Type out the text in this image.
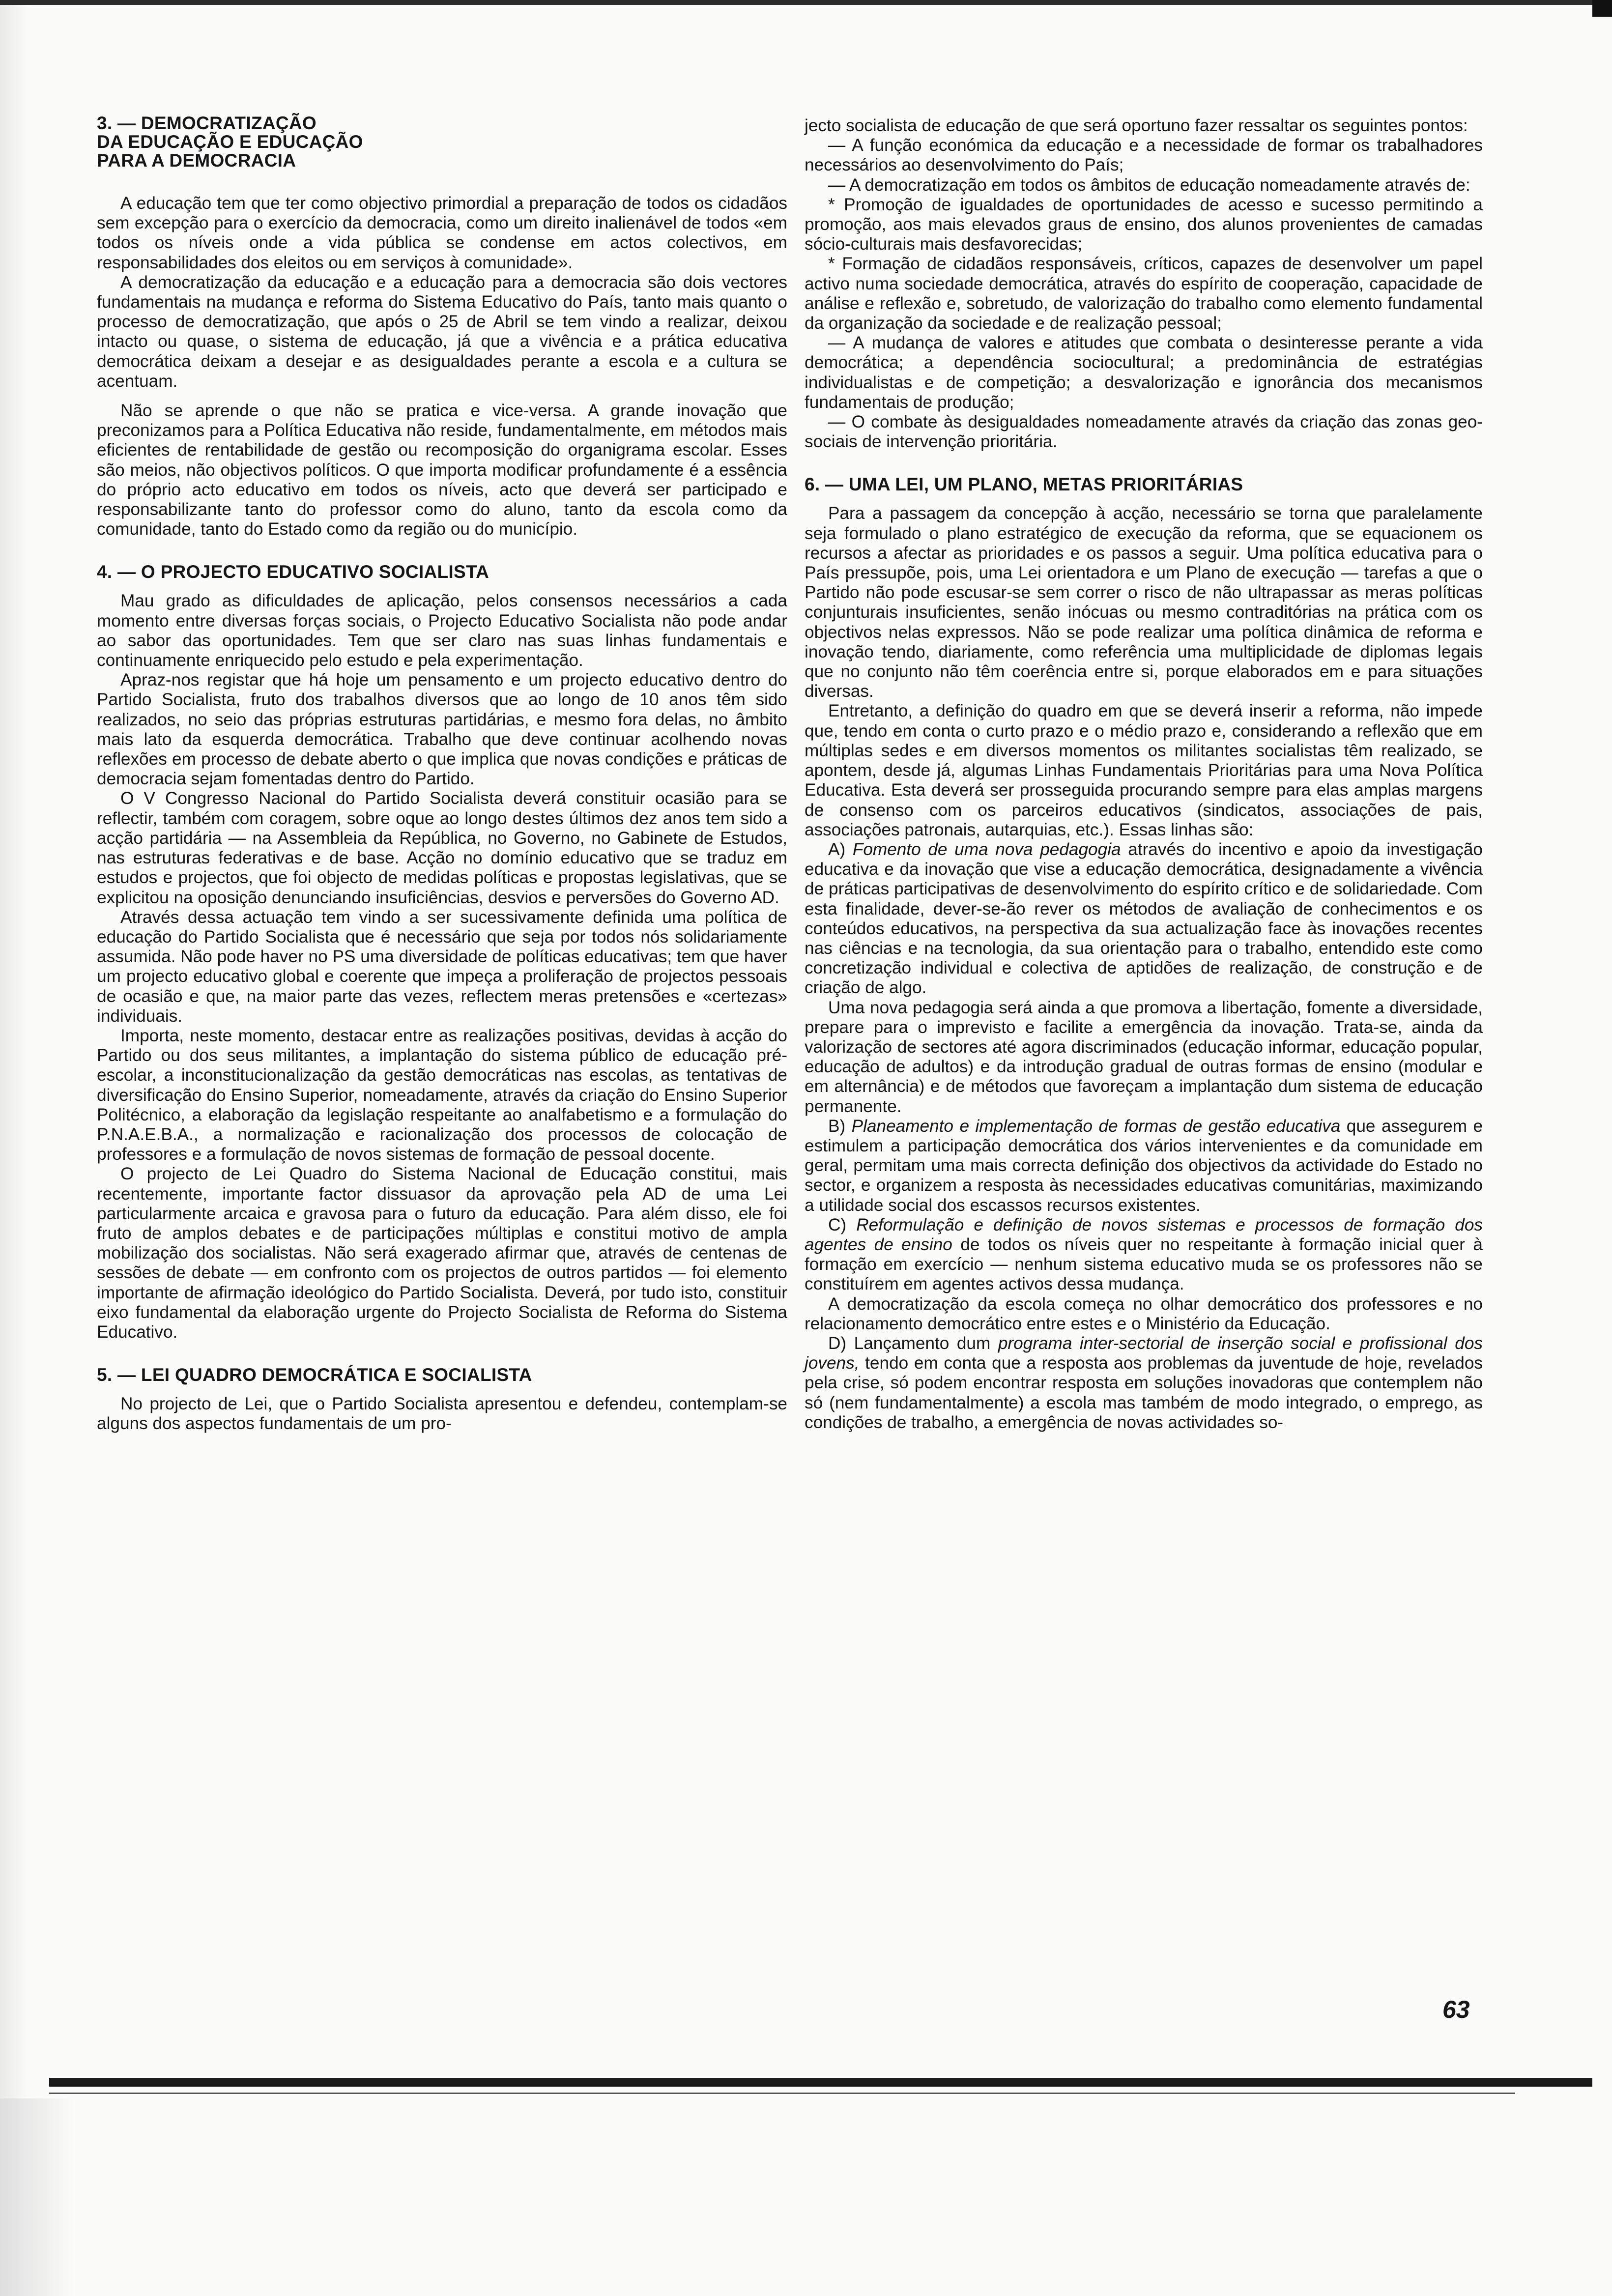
3. — DEMOCRATIZAÇÃO
DA EDUCAÇÃO E EDUCAÇÃO
PARA A DEMOCRACIA

A educação tem que ter como objectivo primordial a preparação de todos os cidadãos sem excepção para o exercício da democracia, como um direito inalienável de todos «em todos os níveis onde a vida pública se condense em actos colectivos, em responsabilidades dos eleitos ou em serviços à comunidade».

A democratização da educação e a educação para a democracia são dois vectores fundamentais na mudança e reforma do Sistema Educativo do País, tanto mais quanto o processo de democratização, que após o 25 de Abril se tem vindo a realizar, deixou intacto ou quase, o sistema de educação, já que a vivência e a prática educativa democrática deixam a desejar e as desigualdades perante a escola e a cultura se acentuam.

Não se aprende o que não se pratica e vice-versa. A grande inovação que preconizamos para a Política Educativa não reside, fundamentalmente, em métodos mais eficientes de rentabilidade de gestão ou recomposição do organigrama escolar. Esses são meios, não objectivos políticos. O que importa modificar profundamente é a essência do próprio acto educativo em todos os níveis, acto que deverá ser participado e responsabilizante tanto do professor como do aluno, tanto da escola como da comunidade, tanto do Estado como da região ou do município.

4. — O PROJECTO EDUCATIVO SOCIALISTA

Mau grado as dificuldades de aplicação, pelos consensos necessários a cada momento entre diversas forças sociais, o Projecto Educativo Socialista não pode andar ao sabor das oportunidades. Tem que ser claro nas suas linhas fundamentais e continuamente enriquecido pelo estudo e pela experimentação.

Apraz-nos registar que há hoje um pensamento e um projecto educativo dentro do Partido Socialista, fruto dos trabalhos diversos que ao longo de 10 anos têm sido realizados, no seio das próprias estruturas partidárias, e mesmo fora delas, no âmbito mais lato da esquerda democrática. Trabalho que deve continuar acolhendo novas reflexões em processo de debate aberto o que implica que novas condições e práticas de democracia sejam fomentadas dentro do Partido.

O V Congresso Nacional do Partido Socialista deverá constituir ocasião para se reflectir, também com coragem, sobre oque ao longo destes últimos dez anos tem sido a acção partidária — na Assembleia da República, no Governo, no Gabinete de Estudos, nas estruturas federativas e de base. Acção no domínio educativo que se traduz em estudos e projectos, que foi objecto de medidas políticas e propostas legislativas, que se explicitou na oposição denunciando insuficiências, desvios e perversões do Governo AD.

Através dessa actuação tem vindo a ser sucessivamente definida uma política de educação do Partido Socialista que é necessário que seja por todos nós solidariamente assumida. Não pode haver no PS uma diversidade de políticas educativas; tem que haver um projecto educativo global e coerente que impeça a proliferação de projectos pessoais de ocasião e que, na maior parte das vezes, reflectem meras pretensões e «certezas» individuais.

Importa, neste momento, destacar entre as realizações positivas, devidas à acção do Partido ou dos seus militantes, a implantação do sistema público de educação pré-escolar, a inconstitucionalização da gestão democráticas nas escolas, as tentativas de diversificação do Ensino Superior, nomeadamente, através da criação do Ensino Superior Politécnico, a elaboração da legislação respeitante ao analfabetismo e a formulação do P.N.A.E.B.A., a normalização e racionalização dos processos de colocação de professores e a formulação de novos sistemas de formação de pessoal docente.

O projecto de Lei Quadro do Sistema Nacional de Educação constitui, mais recentemente, importante factor dissuasor da aprovação pela AD de uma Lei particularmente arcaica e gravosa para o futuro da educação. Para além disso, ele foi fruto de amplos debates e de participações múltiplas e constitui motivo de ampla mobilização dos socialistas. Não será exagerado afirmar que, através de centenas de sessões de debate — em confronto com os projectos de outros partidos — foi elemento importante de afirmação ideológico do Partido Socialista. Deverá, por tudo isto, constituir eixo fundamental da elaboração urgente do Projecto Socialista de Reforma do Sistema Educativo.

5. — LEI QUADRO DEMOCRÁTICA E SOCIALISTA

No projecto de Lei, que o Partido Socialista apresentou e defendeu, contemplam-se alguns dos aspectos fundamentais de um pro-

jecto socialista de educação de que será oportuno fazer ressaltar os seguintes pontos:

— A função económica da educação e a necessidade de formar os trabalhadores necessários ao desenvolvimento do País;

— A democratização em todos os âmbitos de educação nomeadamente através de:

* Promoção de igualdades de oportunidades de acesso e sucesso permitindo a promoção, aos mais elevados graus de ensino, dos alunos provenientes de camadas sócio-culturais mais desfavorecidas;

* Formação de cidadãos responsáveis, críticos, capazes de desenvolver um papel activo numa sociedade democrática, através do espírito de cooperação, capacidade de análise e reflexão e, sobretudo, de valorização do trabalho como elemento fundamental da organização da sociedade e de realização pessoal;

— A mudança de valores e atitudes que combata o desinteresse perante a vida democrática; a dependência sociocultural; a predominância de estratégias individualistas e de competição; a desvalorização e ignorância dos mecanismos fundamentais de produção;

— O combate às desigualdades nomeadamente através da criação das zonas geo-sociais de intervenção prioritária.

6. — UMA LEI, UM PLANO, METAS PRIORITÁRIAS

Para a passagem da concepção à acção, necessário se torna que paralelamente seja formulado o plano estratégico de execução da reforma, que se equacionem os recursos a afectar as prioridades e os passos a seguir. Uma política educativa para o País pressupõe, pois, uma Lei orientadora e um Plano de execução — tarefas a que o Partido não pode escusar-se sem correr o risco de não ultrapassar as meras políticas conjunturais insuficientes, senão inócuas ou mesmo contraditórias na prática com os objectivos nelas expressos. Não se pode realizar uma política dinâmica de reforma e inovação tendo, diariamente, como referência uma multiplicidade de diplomas legais que no conjunto não têm coerência entre si, porque elaborados em e para situações diversas.

Entretanto, a definição do quadro em que se deverá inserir a reforma, não impede que, tendo em conta o curto prazo e o médio prazo e, considerando a reflexão que em múltiplas sedes e em diversos momentos os militantes socialistas têm realizado, se apontem, desde já, algumas Linhas Fundamentais Prioritárias para uma Nova Política Educativa. Esta deverá ser prosseguida procurando sempre para elas amplas margens de consenso com os parceiros educativos (sindicatos, associações de pais, associações patronais, autarquias, etc.). Essas linhas são:

A) Fomento de uma nova pedagogia através do incentivo e apoio da investigação educativa e da inovação que vise a educação democrática, designadamente a vivência de práticas participativas de desenvolvimento do espírito crítico e de solidariedade. Com esta finalidade, dever-se-ão rever os métodos de avaliação de conhecimentos e os conteúdos educativos, na perspectiva da sua actualização face às inovações recentes nas ciências e na tecnologia, da sua orientação para o trabalho, entendido este como concretização individual e colectiva de aptidões de realização, de construção e de criação de algo.

Uma nova pedagogia será ainda a que promova a libertação, fomente a diversidade, prepare para o imprevisto e facilite a emergência da inovação. Trata-se, ainda da valorização de sectores até agora discriminados (educação informar, educação popular, educação de adultos) e da introdução gradual de outras formas de ensino (modular e em alternância) e de métodos que favoreçam a implantação dum sistema de educação permanente.

B) Planeamento e implementação de formas de gestão educativa que assegurem e estimulem a participação democrática dos vários intervenientes e da comunidade em geral, permitam uma mais correcta definição dos objectivos da actividade do Estado no sector, e organizem a resposta às necessidades educativas comunitárias, maximizando a utilidade social dos escassos recursos existentes.

C) Reformulação e definição de novos sistemas e processos de formação dos agentes de ensino de todos os níveis quer no respeitante à formação inicial quer à formação em exercício — nenhum sistema educativo muda se os professores não se constituírem em agentes activos dessa mudança.

A democratização da escola começa no olhar democrático dos professores e no relacionamento democrático entre estes e o Ministério da Educação.

D) Lançamento dum programa inter-sectorial de inserção social e profissional dos jovens, tendo em conta que a resposta aos problemas da juventude de hoje, revelados pela crise, só podem encontrar resposta em soluções inovadoras que contemplem não só (nem fundamentalmente) a escola mas também de modo integrado, o emprego, as condições de trabalho, a emergência de novas actividades so-

63
